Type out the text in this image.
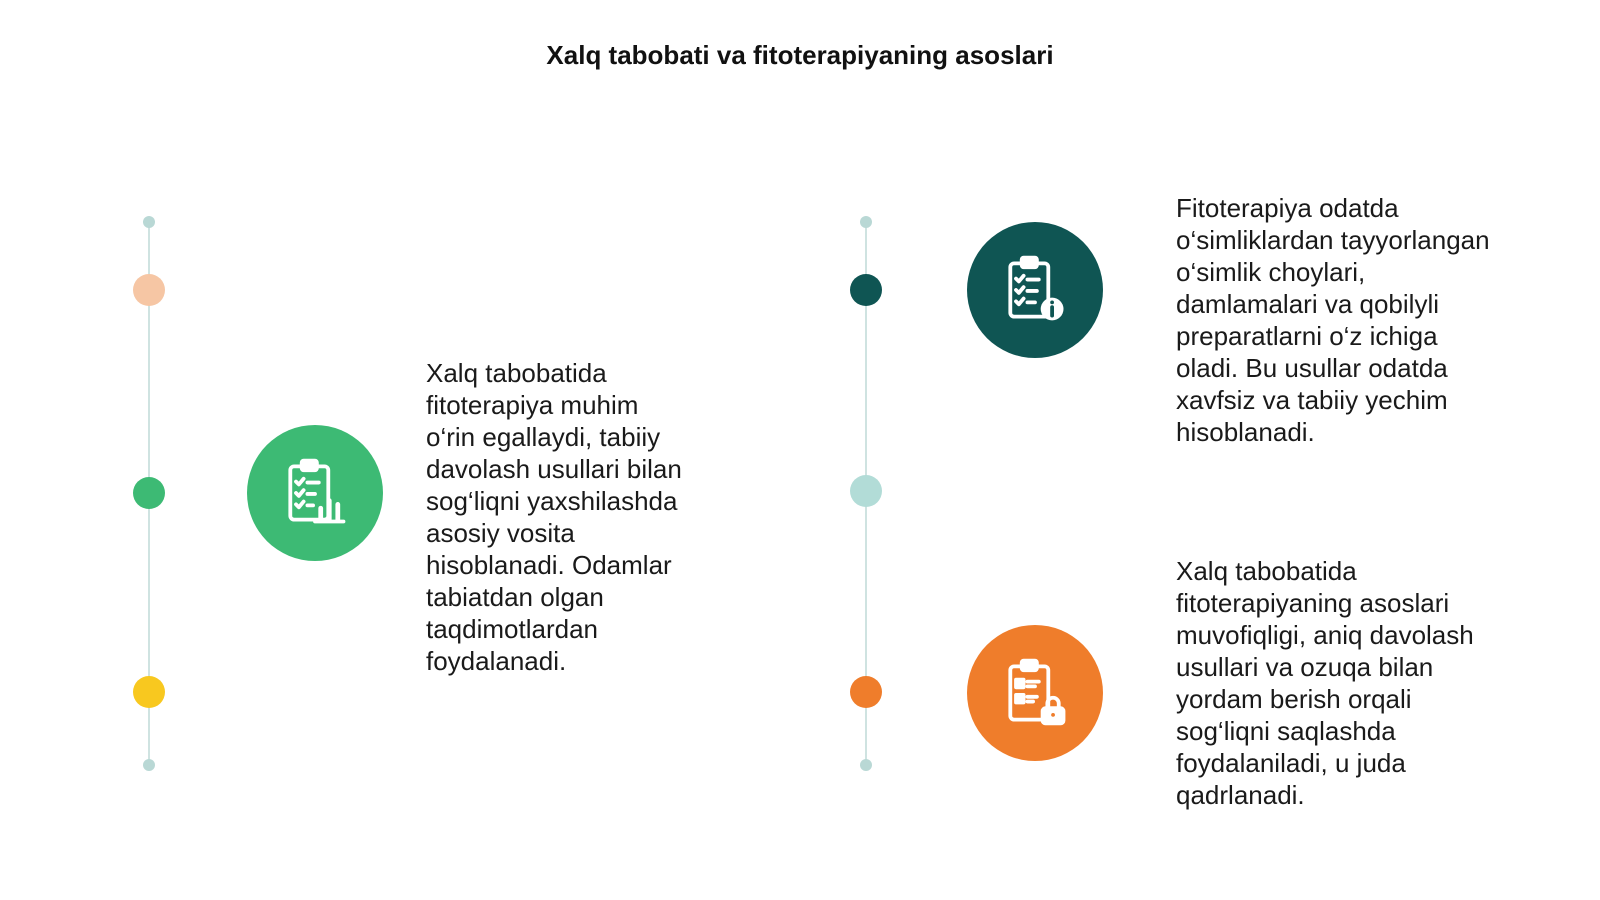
Xalq tabobati va fitoterapiyaning asoslari
Xalq tabobatida
fitoterapiya muhim
o‘rin egallaydi, tabiiy
davolash usullari bilan
sog‘liqni yaxshilashda
asosiy vosita
hisoblanadi. Odamlar
tabiatdan olgan
taqdimotlardan
foydalanadi.
Fitoterapiya odatda
o‘simliklardan tayyorlangan
o‘simlik choylari,
damlamalari va qobilyli
preparatlarni o‘z ichiga
oladi. Bu usullar odatda
xavfsiz va tabiiy yechim
hisoblanadi.
Xalq tabobatida
fitoterapiyaning asoslari
muvofiqligi, aniq davolash
usullari va ozuqa bilan
yordam berish orqali
sog‘liqni saqlashda
foydalaniladi, u juda
qadrlanadi.
